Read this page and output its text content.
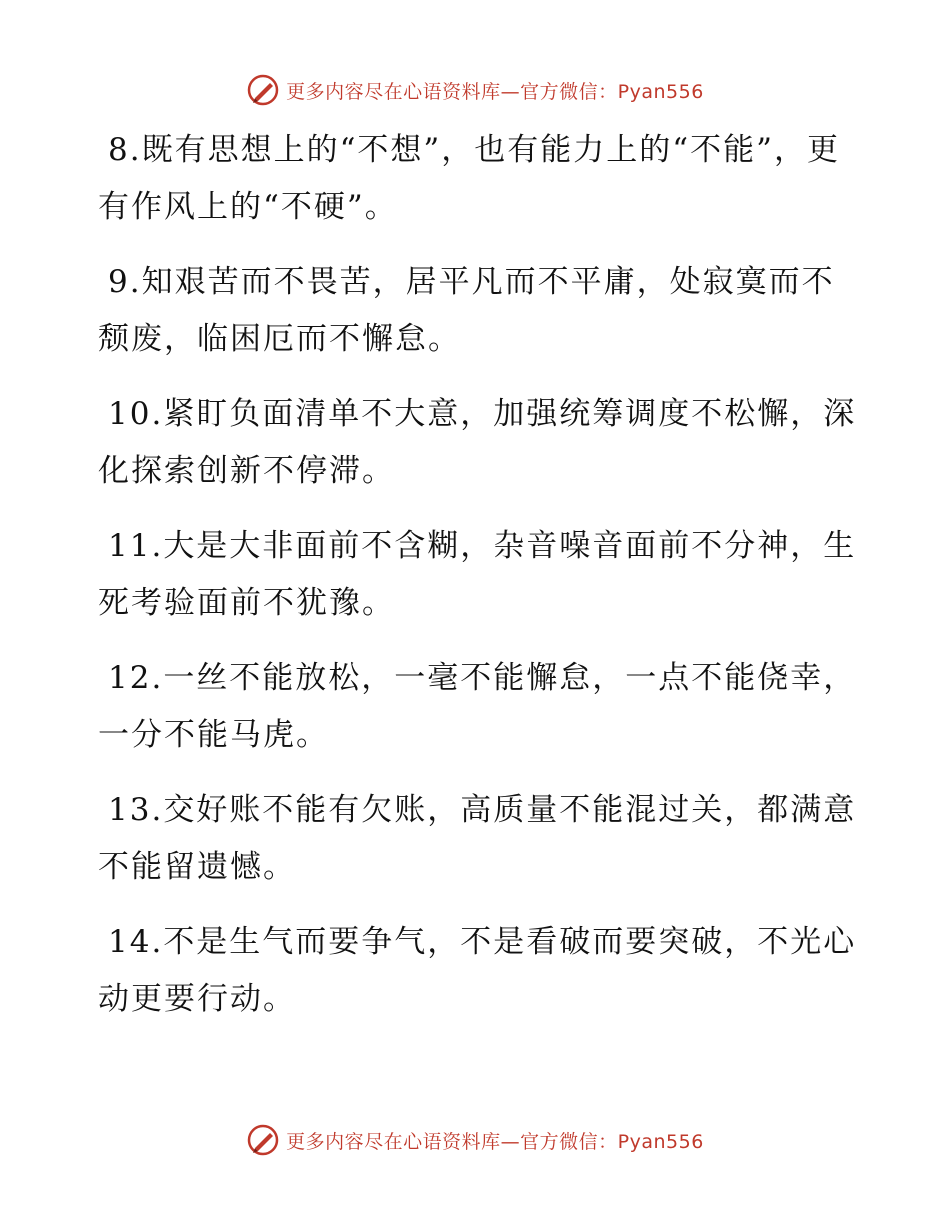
更多内容尽在心语资料库—官方微信：Pyan556

8.既有思想上的“不想”，也有能力上的“不能”，更有作风上的“不硬”。

9.知艰苦而不畏苦，居平凡而不平庸，处寂寞而不颓废，临困厄而不懈怠。

10.紧盯负面清单不大意，加强统筹调度不松懈，深化探索创新不停滞。

11.大是大非面前不含糊，杂音噪音面前不分神，生死考验面前不犹豫。

12.一丝不能放松，一毫不能懈怠，一点不能侥幸，一分不能马虎。

13.交好账不能有欠账，高质量不能混过关，都满意不能留遗憾。

14.不是生气而要争气，不是看破而要突破，不光心动更要行动。

更多内容尽在心语资料库—官方微信：Pyan556
